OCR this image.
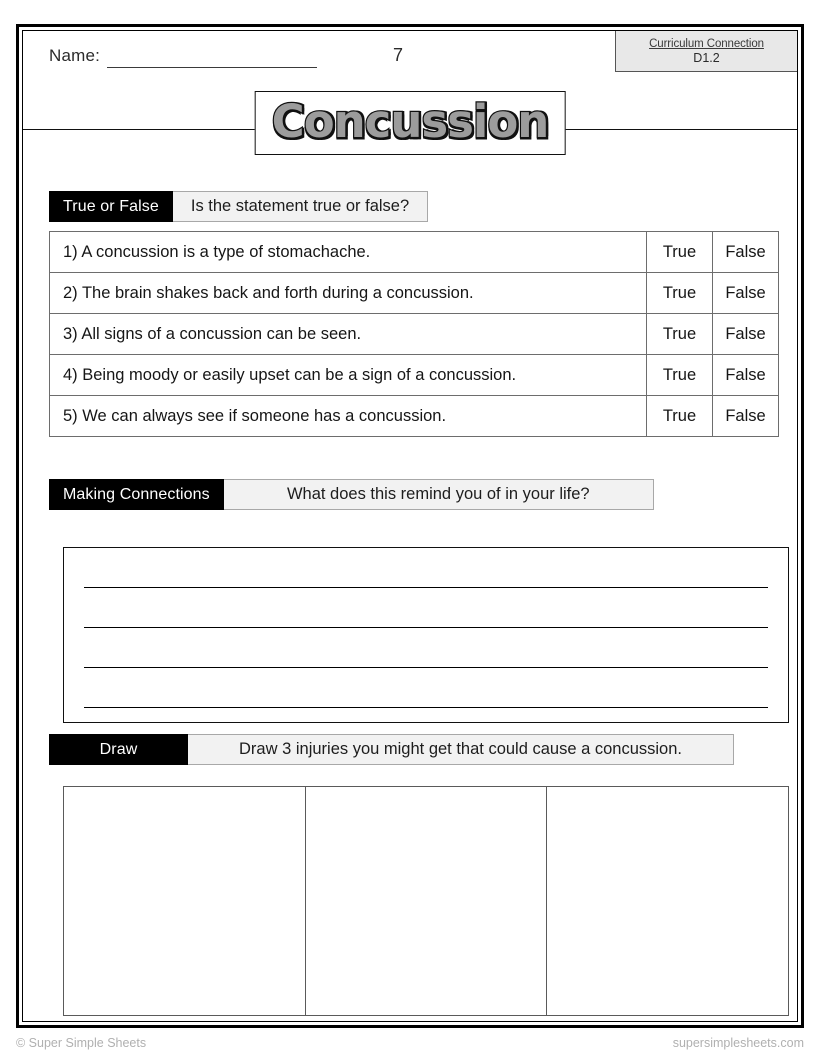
Name:	7
Curriculum Connection
D1.2
Concussion
True or False	Is the statement true or false?
1) A concussion is a type of stomachache.	True	False
2) The brain shakes back and forth during a concussion.	True	False
3) All signs of a concussion can be seen.	True	False
4) Being moody or easily upset can be a sign of a concussion.	True	False
5) We can always see if someone has a concussion.	True	False
Making Connections	What does this remind you of in your life?
Draw	Draw 3 injuries you might get that could cause a concussion.
© Super Simple Sheets	supersimplesheets.com
